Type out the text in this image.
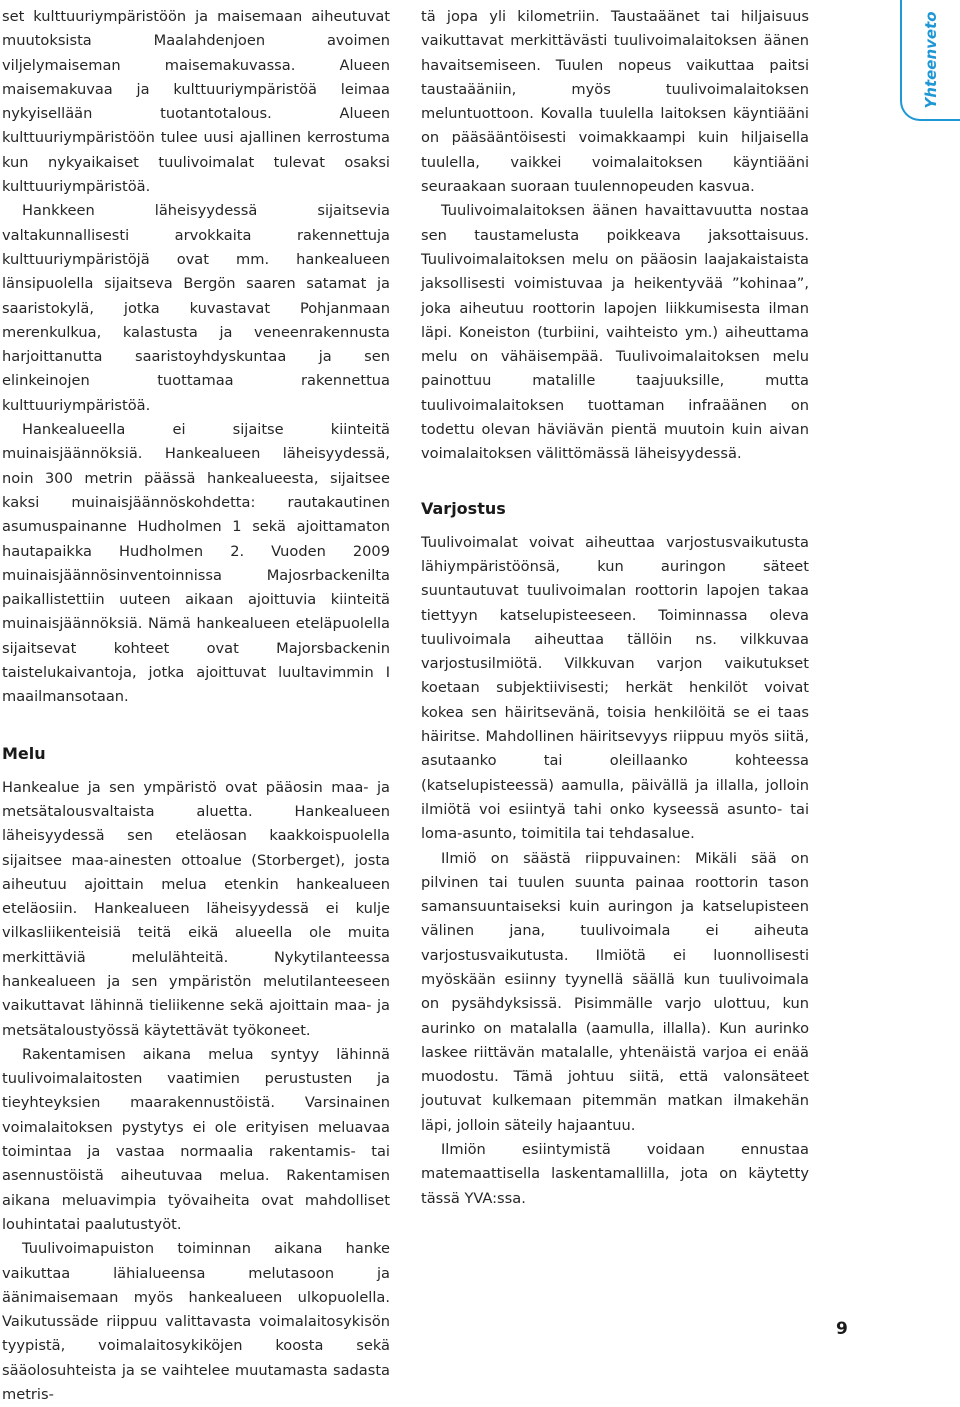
set kulttuuriympäristöön ja maisemaan aiheutuvat muutoksista Maalahdenjoen avoimen viljelymaiseman maisemakuvassa. Alueen maisemakuvaa ja kulttuuriympäristöä leimaa nykyisellään tuotantotalous. Alueen kulttuuriympäristöön tulee uusi ajallinen kerrostuma kun nykyaikaiset tuulivoimalat tulevat osaksi kulttuuriympäristöä.

Hankkeen läheisyydessä sijaitsevia valtakunnallisesti arvokkaita rakennettuja kulttuuriympäristöjä ovat mm. hankealueen länsipuolella sijaitseva Bergön saaren satamat ja saaristokylä, jotka kuvastavat Pohjanmaan merenkulkua, kalastusta ja veneenrakennusta harjoittanutta saaristoyhdyskuntaa ja sen elinkeinojen tuottamaa rakennettua kulttuuriympäristöä.

Hankealueella ei sijaitse kiinteitä muinaisjäännöksiä. Hankealueen läheisyydessä, noin 300 metrin päässä hankealueesta, sijaitsee kaksi muinaisjäännöskohdetta: rautakautinen asumuspainanne Hudholmen 1 sekä ajoittamaton hautapaikka Hudholmen 2. Vuoden 2009 muinaisjäännösinventoinnissa Majosrbackenilta paikallistettiin uuteen aikaan ajoittuvia kiinteitä muinaisjäännöksiä. Nämä hankealueen eteläpuolella sijaitsevat kohteet ovat Majorsbackenin taistelukaivantoja, jotka ajoittuvat luultavimmin I maailmansotaan.

Melu

Hankealue ja sen ympäristö ovat pääosin maa- ja metsätalousvaltaista aluetta. Hankealueen läheisyydessä sen eteläosan kaakkoispuolella sijaitsee maa-ainesten ottoalue (Storberget), josta aiheutuu ajoittain melua etenkin hankealueen eteläosiin. Hankealueen läheisyydessä ei kulje vilkasliikenteisiä teitä eikä alueella ole muita merkittäviä melulähteitä. Nykytilanteessa hankealueen ja sen ympäristön melutilanteeseen vaikuttavat lähinnä tieliikenne sekä ajoittain maa- ja metsätaloustyössä käytettävät työkoneet.

Rakentamisen aikana melua syntyy lähinnä tuulivoimalaitosten vaatimien perustusten ja tieyhteyksien maarakennustöistä. Varsinainen voimalaitoksen pystytys ei ole erityisen meluavaa toimintaa ja vastaa normaalia rakentamis- tai asennustöistä aiheutuvaa melua. Rakentamisen aikana meluavimpia työvaiheita ovat mahdolliset louhintatai paalutustyöt.

Tuulivoimapuiston toiminnan aikana hanke vaikuttaa lähialueensa melutasoon ja äänimaisemaan myös hankealueen ulkopuolella. Vaikutussäde riippuu valittavasta voimalaitosykisön tyypistä, voimalaitosykiköjen koosta sekä sääolosuhteista ja se vaihtelee muutamasta sadasta metris-

tä jopa yli kilometriin. Taustaäänet tai hiljaisuus vaikuttavat merkittävästi tuulivoimalaitoksen äänen havaitsemiseen. Tuulen nopeus vaikuttaa paitsi taustaääniin, myös tuulivoimalaitoksen meluntuottoon. Kovalla tuulella laitoksen käyntiääni on pääsääntöisesti voimakkaampi kuin hiljaisella tuulella, vaikkei voimalaitoksen käyntiääni seuraakaan suoraan tuulennopeuden kasvua.

Tuulivoimalaitoksen äänen havaittavuutta nostaa sen taustamelusta poikkeava jaksottaisuus. Tuulivoimalaitoksen melu on pääosin laajakaistaista jaksollisesti voimistuvaa ja heikentyvää ”kohinaa”, joka aiheutuu roottorin lapojen liikkumisesta ilman läpi. Koneiston (turbiini, vaihteisto ym.) aiheuttama melu on vähäisempää. Tuulivoimalaitoksen melu painottuu matalille taajuuksille, mutta tuulivoimalaitoksen tuottaman infraäänen on todettu olevan häviävän pientä muutoin kuin aivan voimalaitoksen välittömässä läheisyydessä.

Varjostus

Tuulivoimalat voivat aiheuttaa varjostusvaikutusta lähiympäristöönsä, kun auringon säteet suuntautuvat tuulivoimalan roottorin lapojen takaa tiettyyn katselupisteeseen. Toiminnassa oleva tuulivoimala aiheuttaa tällöin ns. vilkkuvaa varjostusilmiötä. Vilkkuvan varjon vaikutukset koetaan subjektiivisesti; herkät henkilöt voivat kokea sen häiritsevänä, toisia henkilöitä se ei taas häiritse. Mahdollinen häiritsevyys riippuu myös siitä, asutaanko tai oleillaanko kohteessa (katselupisteessä) aamulla, päivällä ja illalla, jolloin ilmiötä voi esiintyä tahi onko kyseessä asunto- tai loma-asunto, toimitila tai tehdasalue.

Ilmiö on säästä riippuvainen: Mikäli sää on pilvinen tai tuulen suunta painaa roottorin tason samansuuntaiseksi kuin auringon ja katselupisteen välinen jana, tuulivoimala ei aiheuta varjostusvaikutusta. Ilmiötä ei luonnollisesti myöskään esiinny tyynellä säällä kun tuulivoimala on pysähdyksissä. Pisimmälle varjo ulottuu, kun aurinko on matalalla (aamulla, illalla). Kun aurinko laskee riittävän matalalle, yhtenäistä varjoa ei enää muodostu. Tämä johtuu siitä, että valonsäteet joutuvat kulkemaan pitemmän matkan ilmakehän läpi, jolloin säteily hajaantuu.

Ilmiön esiintymistä voidaan ennustaa matemaattisella laskentamallilla, jota on käytetty tässä YVA:ssa.

Yhteenveto
9
